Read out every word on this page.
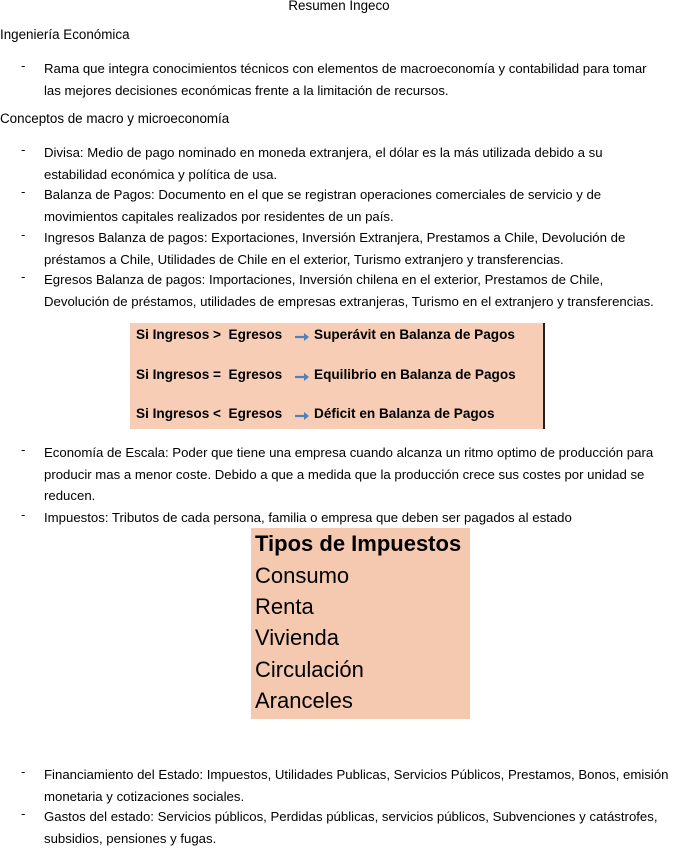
Resumen Ingeco
Ingeniería Económica
- Rama que integra conocimientos técnicos con elementos de macroeconomía y contabilidad para tomar
las mejores decisiones económicas frente a la limitación de recursos.
Conceptos de macro y microeconomía
- Divisa: Medio de pago nominado en moneda extranjera, el dólar es la más utilizada debido a su
estabilidad económica y política de usa.
- Balanza de Pagos: Documento en el que se registran operaciones comerciales de servicio y de
movimientos capitales realizados por residentes de un país.
- Ingresos Balanza de pagos: Exportaciones, Inversión Extranjera, Prestamos a Chile, Devolución de
préstamos a Chile, Utilidades de Chile en el exterior, Turismo extranjero y transferencias.
- Egresos Balanza de pagos: Importaciones, Inversión chilena en el exterior, Prestamos de Chile,
Devolución de préstamos, utilidades de empresas extranjeras, Turismo en el extranjero y transferencias.
Si Ingresos >  Egresos Superávit en Balanza de Pagos
Si Ingresos =  Egresos Equilibrio en Balanza de Pagos
Si Ingresos <  Egresos Déficit en Balanza de Pagos
- Economía de Escala: Poder que tiene una empresa cuando alcanza un ritmo optimo de producción para
producir mas a menor coste. Debido a que a medida que la producción crece sus costes por unidad se
reducen.
- Impuestos: Tributos de cada persona, familia o empresa que deben ser pagados al estado
Tipos de Impuestos
Consumo
Renta
Vivienda
Circulación
Aranceles
- Financiamiento del Estado: Impuestos, Utilidades Publicas, Servicios Públicos, Prestamos, Bonos, emisión
monetaria y cotizaciones sociales.
- Gastos del estado: Servicios públicos, Perdidas públicas, servicios públicos, Subvenciones y catástrofes,
subsidios, pensiones y fugas.
